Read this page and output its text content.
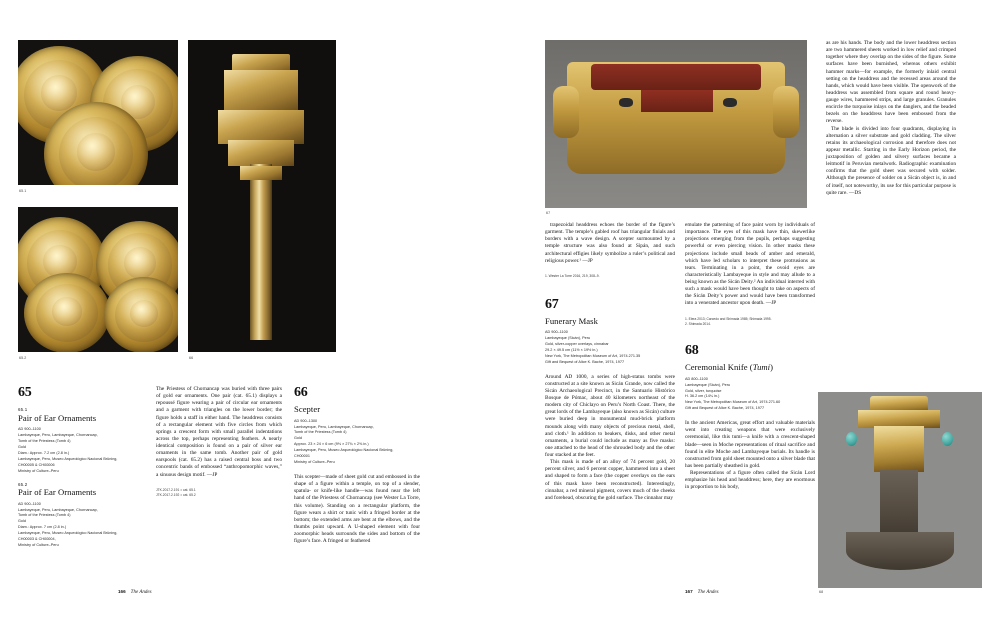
65.1
65.2	66
65
65.1
Pair of Ear Ornaments
AD 900–1100
Lambayeque, Peru, Lambayeque, Chornancap,
Tomb of the Priestess (Tomb 4)
Gold
Diam.: Approx. 7.2 cm (2.8 in.)
Lambayeque, Peru, Museo Arqueológico Nacional Brüning,
CH00005 & CH00006
Ministry of Culture–Peru
65.2
Pair of Ear Ornaments
AD 900–1100
Lambayeque, Peru, Lambayeque, Chornancap,
Tomb of the Priestess (Tomb 4)
Gold
Diam.: Approx. 7 cm (2.8 in.)
Lambayeque, Peru, Museo Arqueológico Nacional Brüning,
CH00003 & CH00004,
Ministry of Culture–Peru

The Priestess of Chornancap was buried with three pairs of gold ear ornaments. One pair (cat. 65.1) displays a repoussé figure wearing a pair of circular ear ornaments and a garment with triangles on the lower border; the figure holds a staff in either hand. The headdress consists of a rectangular element with five circles from which springs a crescent form with small parallel indentations across the top, perhaps representing feathers. A nearly identical composition is found on a pair of silver ear ornaments in the same tomb. Another pair of gold earspools (cat. 65.2) has a raised central boss and two concentric bands of embossed “anthropomorphic waves,” a sinuous design motif. —JP

JTK.2017.2.191 = cat. 65.1
JTK.2017.2.192 = cat. 65.2
66
Scepter
AD 900–1300
Lambayeque, Peru, Lambayeque, Chornancap,
Tomb of the Priestess (Tomb 4)
Gold
Approx. 23 × 24 × 6 cm (9⅛ × 27¾ × 2⅜ in.)
Lambayeque, Peru, Museo Arqueológico Nacional Brüning,
CH00001
Ministry of Culture–Peru

This scepter—made of sheet gold cut and embossed in the shape of a figure within a temple, on top of a slender, spatula- or knife-like handle—was found near the left hand of the Priestess of Chornancap (see Wester La Torre, this volume). Standing on a rectangular platform, the figure wears a shirt or tunic with a fringed border at the bottom; the extended arms are bent at the elbows, and the thumbs point upward. A U-shaped element with four zoomorphic heads surrounds the sides and bottom of the figure’s face. A fringed or feathered

166 The Andes
67
68

trapezoidal headdress echoes the border of the figure’s garment. The temple’s gabled roof has triangular finials and borders with a wave design. A scepter surmounted by a temple structure was also found at Sipán, and such architectural effigies likely symbolize a ruler’s political and religious power.¹ —JP

1. Wester La Torre 2016, 219, 308–9.
67
Funerary Mask
AD 900–1100
Lambayeque (Sicán), Peru
Gold, silver-copper overlays, cinnabar
29.2 × 49.5 cm (11½ × 19½ in.)
New York, The Metropolitan Museum of Art, 1974.271.35
Gift and Bequest of Alice K. Bache, 1974, 1977

Around AD 1000, a series of high-status tombs were constructed at a site known as Sicán Grande, now called the Sicán Archaeological Precinct, in the Santuario Histórico Bosque de Pómac, about 40 kilometers northeast of the modern city of Chiclayo on Peru’s North Coast. There, the great lords of the Lambayeque (also known as Sicán) culture were buried deep in monumental mud-brick platform mounds along with many objects of precious metal, shell, and cloth.¹ In addition to beakers, disks, and other metal ornaments, a burial could include as many as five masks: one attached to the head of the shrouded body and the other four stacked at the feet.

This mask is made of an alloy of 74 percent gold, 20 percent silver, and 6 percent copper, hammered into a sheet and shaped to form a face (the copper overlays on the ears of this mask have been reconstructed). Interestingly, cinnabar, a red mineral pigment, covers much of the cheeks and forehead, obscuring the gold surface. The cinnabar may

emulate the patterning of face paint worn by individuals of importance. The eyes of this mask have thin, skewerlike projections emerging from the pupils, perhaps suggesting powerful or even piercing vision. In other masks these projections include small beads of amber and emerald, which have led scholars to interpret these protrusions as tears. Terminating in a point, the ovoid eyes are characteristically Lambayeque in style and may allude to a being known as the Sicán Deity.² An individual interred with such a mask would have been thought to take on aspects of the Sicán Deity’s power and would have been transformed into a venerated ancestor upon death. —JP

1. Elera 2013; Carcedo and Shimada 1985; Shimada 1995.
2. Shimada 2014.
68
Ceremonial Knife (Tumi)
AD 800–1100
Lambayeque (Sicán), Peru
Gold, silver, turquoise
H. 36.2 cm (14¼ in.)
New York, The Metropolitan Museum of Art, 1974.271.60
Gift and Bequest of Alice K. Bache, 1974, 1977

In the ancient Americas, great effort and valuable materials went into creating weapons that were exclusively ceremonial, like this tumi—a knife with a crescent-shaped blade—seen in Moche representations of ritual sacrifice and found in elite Moche and Lambayeque burials. Its handle is constructed from gold sheet mounted onto a silver blade that has been partially sheathed in gold.

Representations of a figure often called the Sicán Lord emphasize his head and headdress; here, they are enormous in proportion to his body,

as are his hands. The body and the lower headdress section are two hammered sheets worked in low relief and crimped together where they overlap on the sides of the figure. Some surfaces have been burnished, whereas others exhibit hammer marks—for example, the formerly inlaid central setting on the headdress and the recessed areas around the hands, which would have been visible. The openwork of the headdress was assembled from square and round heavy-gauge wires, hammered strips, and large granules. Granules encircle the turquoise inlays on the danglers, and the beaded bezels on the headdress have been embossed from the reverse.

The blade is divided into four quadrants, displaying in alternation a silver substrate and gold cladding. The silver retains its archaeological corrosion and therefore does not appear metallic. Starting in the Early Horizon period, the juxtaposition of golden and silvery surfaces became a leitmotif in Peruvian metalwork. Radiographic examination confirms that the gold sheet was secured with solder. Although the presence of solder on a Sicán object is, in and of itself, not noteworthy, its use for this particular purpose is quite rare. —DS

167 The Andes
